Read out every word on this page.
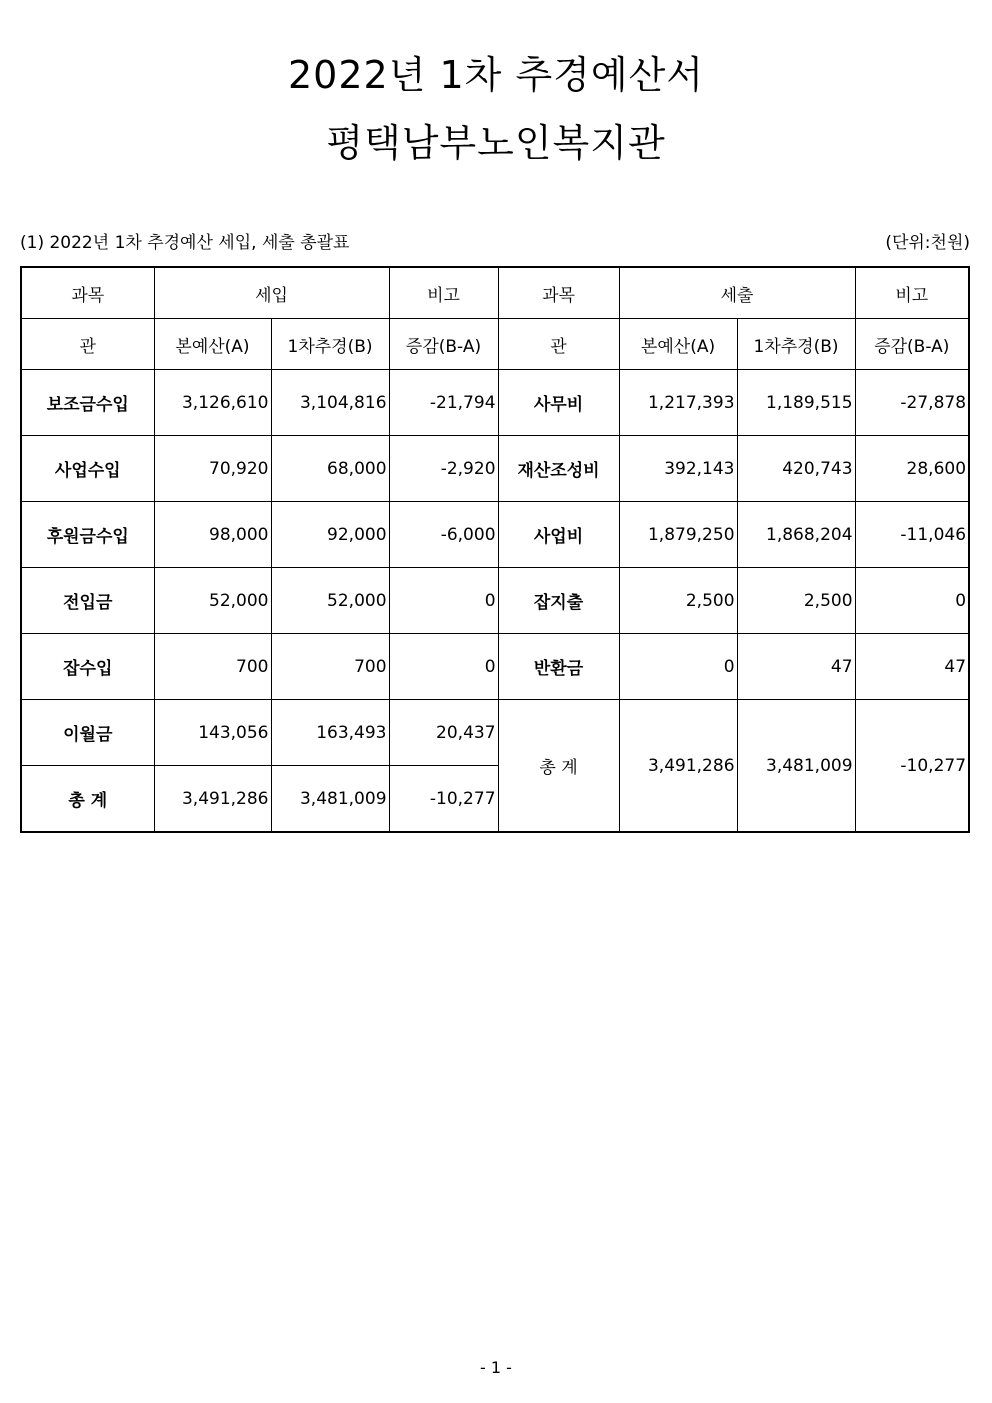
2022년 1차 추경예산서
평택남부노인복지관
(1) 2022년 1차 추경예산 세입, 세출 총괄표	(단위:천원)
과목	세입		비고	과목	세출		비고
관	본예산(A)	1차추경(B)	증감(B-A)	관	본예산(A)	1차추경(B)	증감(B-A)
보조금수입	3,126,610	3,104,816	-21,794	사무비	1,217,393	1,189,515	-27,878
사업수입	70,920	68,000	-2,920	재산조성비	392,143	420,743	28,600
후원금수입	98,000	92,000	-6,000	사업비	1,879,250	1,868,204	-11,046
전입금	52,000	52,000	0	잡지출	2,500	2,500	0
잡수입	700	700	0	반환금	0	47	47
이월금	143,056	163,493	20,437	총 계	3,491,286	3,481,009	-10,277
총 계	3,491,286	3,481,009	-10,277				
- 1 -
